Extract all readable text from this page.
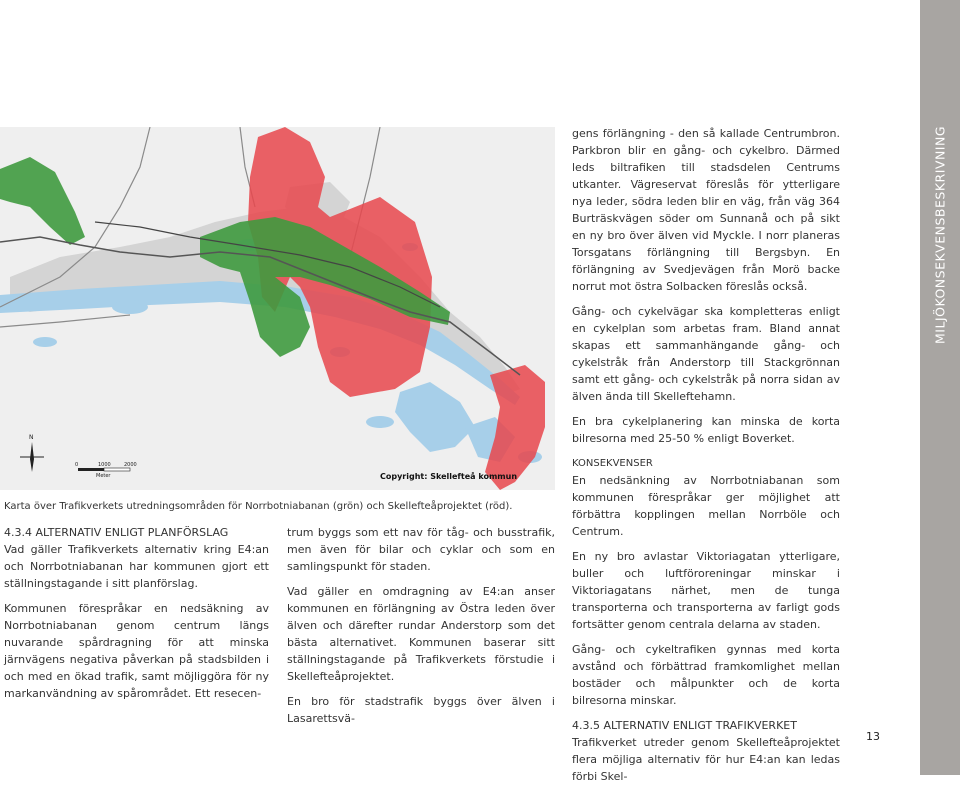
MILJÖKONSEKVENSBESKRIVNING
N
0	1000	2000
Meter	Copyright: Skellefteå kommun
Karta över Trafikverkets utredningsområden för Norrbotniabanan (grön) och Skellefteåprojektet (röd).

4.3.4 ALTERNATIV ENLIGT PLANFÖRSLAG

Vad gäller Trafikverkets alternativ kring E4:an och Norrbotniabanan har kommunen gjort ett ställningstagande i sitt planförslag.

Kommunen förespråkar en nedsäkning av Norrbotniabanan genom centrum längs nuvarande spårdragning för att minska järnvägens negativa påverkan på stadsbilden i och med en ökad trafik, samt möjliggöra för ny markanvändning av spårområdet. Ett resecen-

trum byggs som ett nav för tåg- och busstrafik, men även för bilar och cyklar och som en samlingspunkt för staden.

Vad gäller en omdragning av E4:an anser kommunen en förlängning av Östra leden över älven och därefter rundar Anderstorp som det bästa alternativet. Kommunen baserar sitt ställningstagande på Trafikverkets förstudie i Skellefteåprojektet.

En bro för stadstrafik byggs över älven i Lasarettsvä-

gens förlängning - den så kallade Centrumbron. Parkbron blir en gång- och cykelbro. Därmed leds biltrafiken till stadsdelen Centrums utkanter. Vägreservat föreslås för ytterligare nya leder, södra leden blir en väg, från väg 364 Burträskvägen söder om Sunnanå och på sikt en ny bro över älven vid Myckle. I norr planeras Torsgatans förlängning till Bergsbyn. En förlängning av Svedjevägen från Morö backe norrut mot östra Solbacken föreslås också.

Gång- och cykelvägar ska kompletteras enligt en cykelplan som arbetas fram. Bland annat skapas ett sammanhängande gång- och cykelstråk från Anderstorp till Stackgrönnan samt ett gång- och cykelstråk på norra sidan av älven ända till Skelleftehamn.

En bra cykelplanering kan minska de korta bilresorna med 25-50 % enligt Boverket.

KONSEKVENSER

En nedsänkning av Norrbotniabanan som kommunen förespråkar ger möjlighet att förbättra kopplingen mellan Norrböle och Centrum.

En ny bro avlastar Viktoriagatan ytterligare, buller och luftföroreningar minskar i Viktoriagatans närhet, men de tunga transporterna och transporterna av farligt gods fortsätter genom centrala delarna av staden.

Gång- och cykeltrafiken gynnas med korta avstånd och förbättrad framkomlighet mellan bostäder och målpunkter och de korta bilresorna minskar.

4.3.5 ALTERNATIV ENLIGT TRAFIKVERKET

Trafikverket utreder genom Skellefteåprojektet flera möjliga alternativ för hur E4:an kan ledas förbi Skel-

13
